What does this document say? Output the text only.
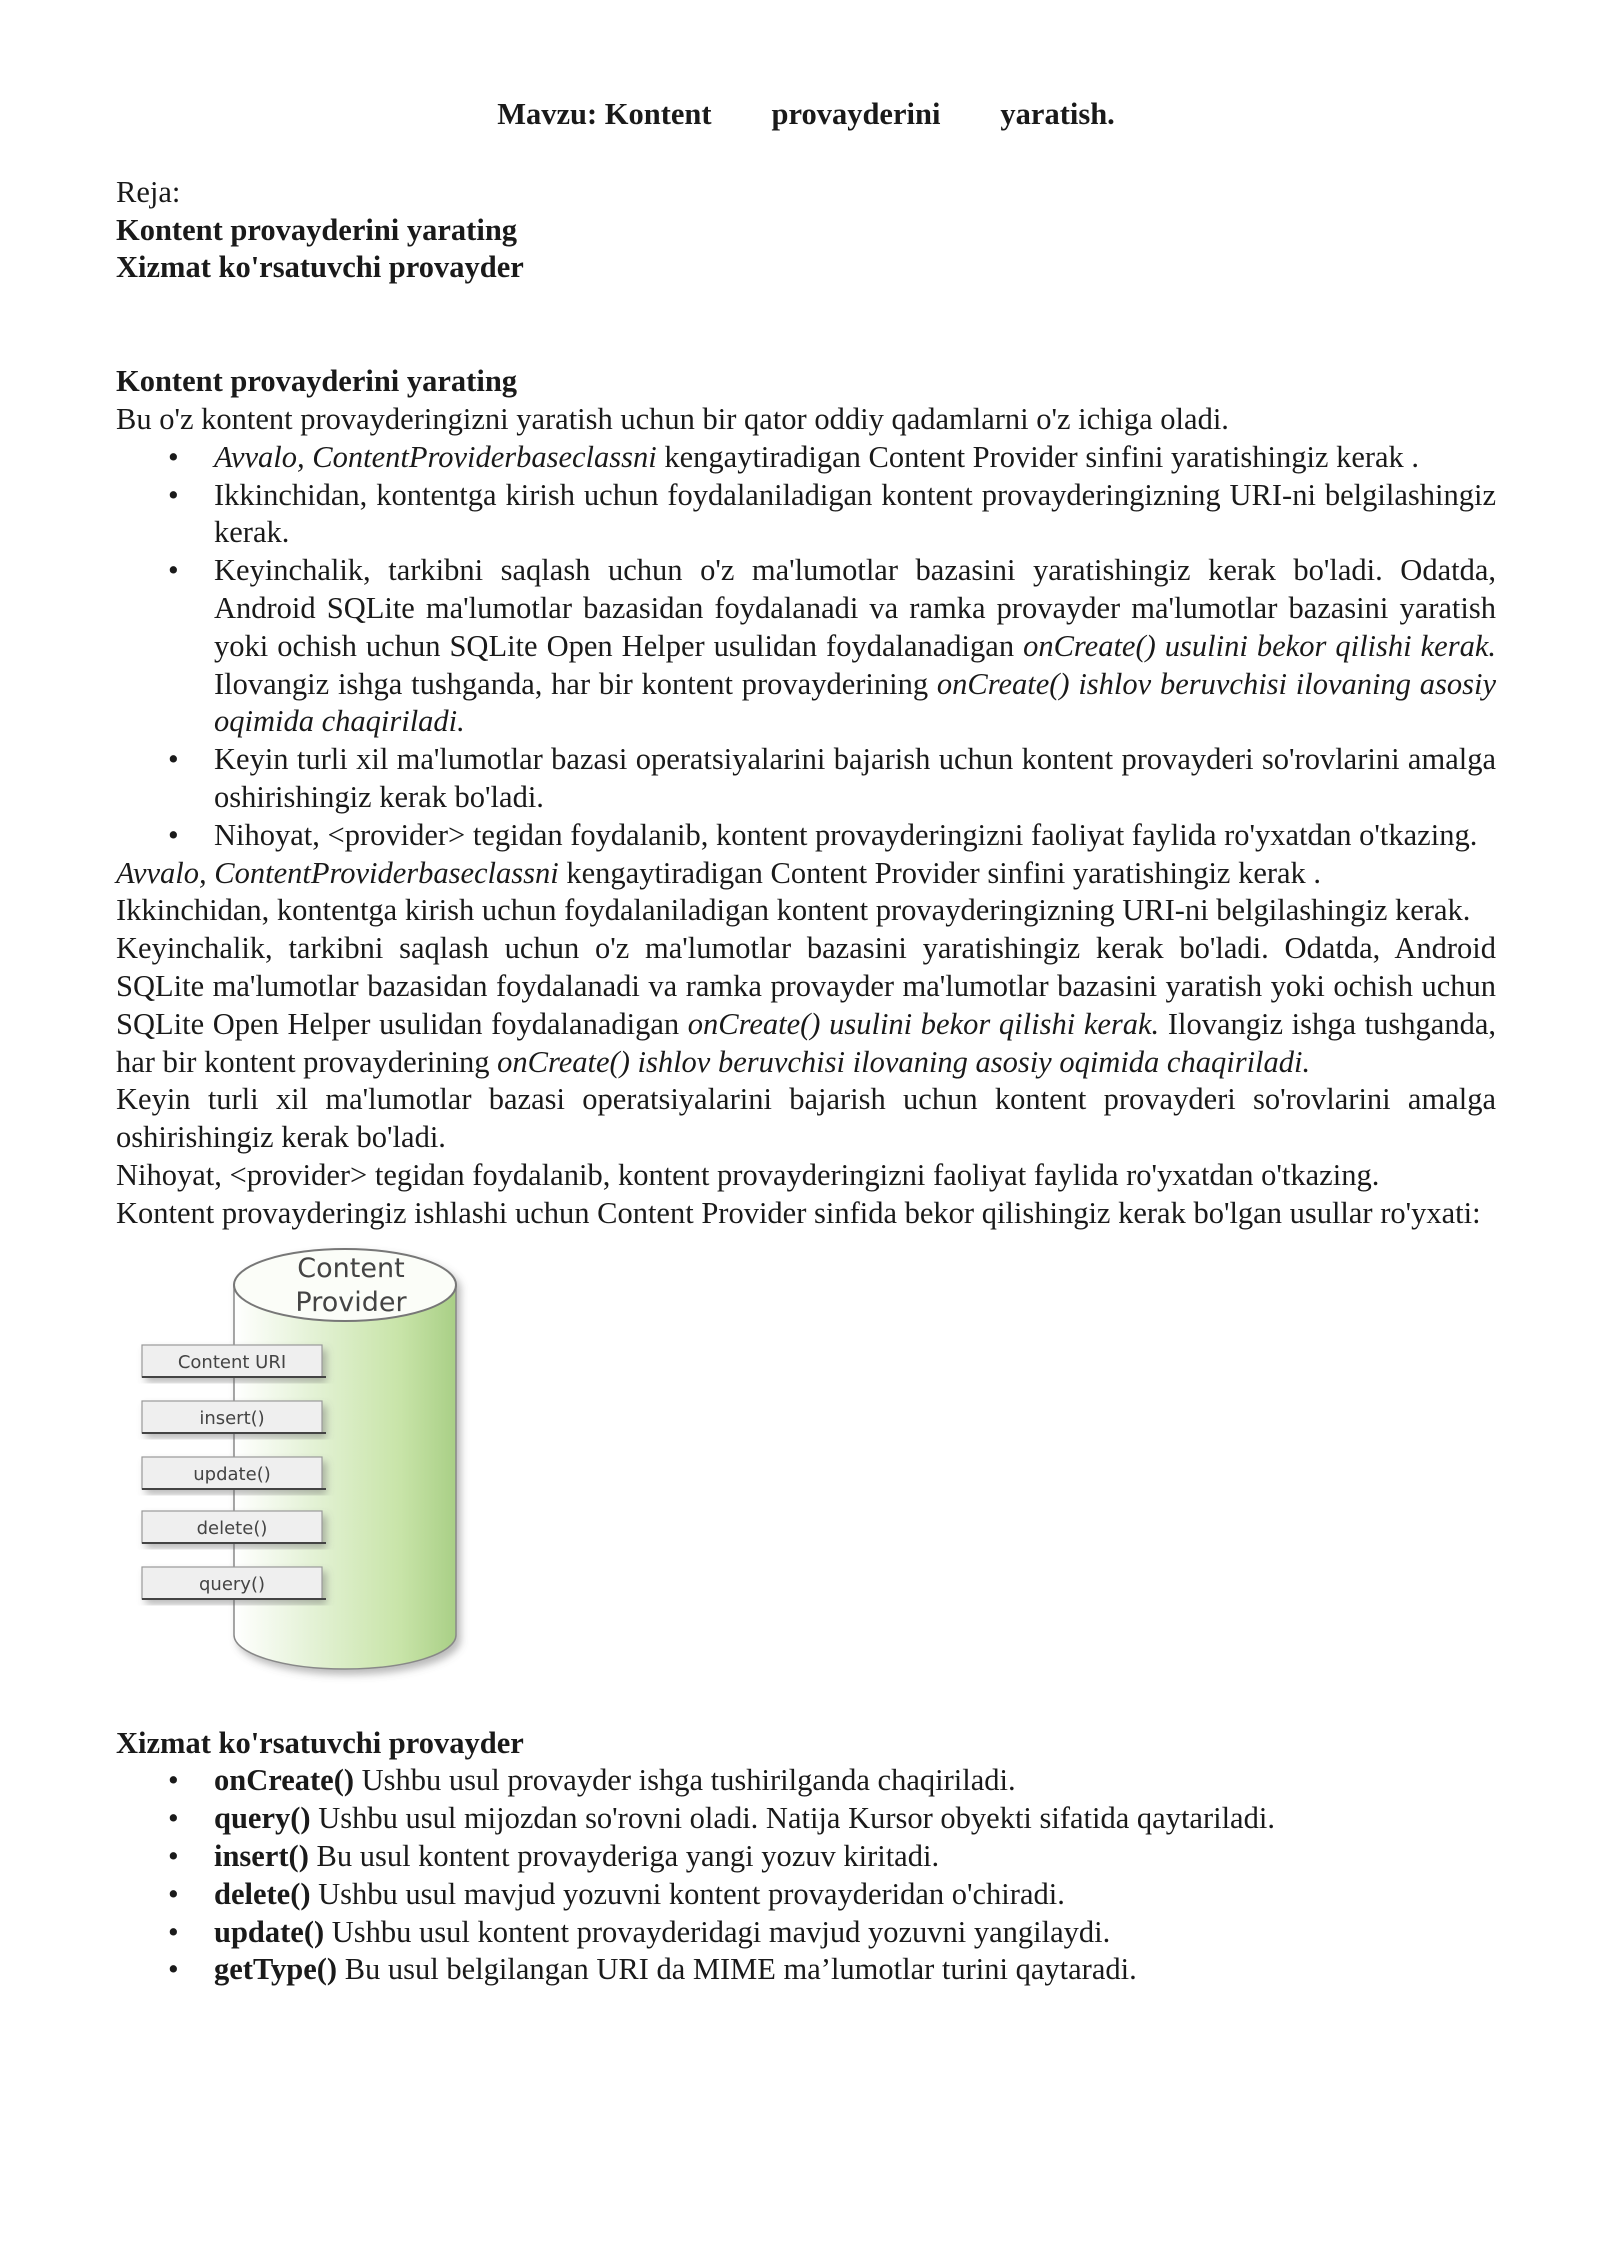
Mavzu: Kontent provayderini yaratish.

Reja:

Kontent provayderini yarating

Xizmat ko'rsatuvchi provayder

Kontent provayderini yarating

Bu o'z kontent provayderingizni yaratish uchun bir qator oddiy qadamlarni o'z ichiga oladi.

• Avvalo, ContentProviderbaseclassni kengaytiradigan Content Provider sinfini yaratishingiz kerak .
• Ikkinchidan, kontentga kirish uchun foydalaniladigan kontent provayderingizning URI-ni belgilashingiz kerak.
• Keyinchalik, tarkibni saqlash uchun o'z ma'lumotlar bazasini yaratishingiz kerak bo'ladi. Odatda, Android SQLite ma'lumotlar bazasidan foydalanadi va ramka provayder ma'lumotlar bazasini yaratish yoki ochish uchun SQLite Open Helper usulidan foydalanadigan onCreate() usulini bekor qilishi kerak. Ilovangiz ishga tushganda, har bir kontent provayderining onCreate() ishlov beruvchisi ilovaning asosiy oqimida chaqiriladi.
• Keyin turli xil ma'lumotlar bazasi operatsiyalarini bajarish uchun kontent provayderi so'rovlarini amalga oshirishingiz kerak bo'ladi.
• Nihoyat, <provider> tegidan foydalanib, kontent provayderingizni faoliyat faylida ro'yxatdan o'tkazing.

Avvalo, ContentProviderbaseclassni kengaytiradigan Content Provider sinfini yaratishingiz kerak .

Ikkinchidan, kontentga kirish uchun foydalaniladigan kontent provayderingizning URI-ni belgilashingiz kerak.

Keyinchalik, tarkibni saqlash uchun o'z ma'lumotlar bazasini yaratishingiz kerak bo'ladi. Odatda, Android SQLite ma'lumotlar bazasidan foydalanadi va ramka provayder ma'lumotlar bazasini yaratish yoki ochish uchun SQLite Open Helper usulidan foydalanadigan onCreate() usulini bekor qilishi kerak. Ilovangiz ishga tushganda, har bir kontent provayderining onCreate() ishlov beruvchisi ilovaning asosiy oqimida chaqiriladi.

Keyin turli xil ma'lumotlar bazasi operatsiyalarini bajarish uchun kontent provayderi so'rovlarini amalga oshirishingiz kerak bo'ladi.

Nihoyat, <provider> tegidan foydalanib, kontent provayderingizni faoliyat faylida ro'yxatdan o'tkazing.

Kontent provayderingiz ishlashi uchun Content Provider sinfida bekor qilishingiz kerak bo'lgan usullar ro'yxati:

Content
Provider
Content URI
insert()
update()
delete()
query()

Xizmat ko'rsatuvchi provayder

• onCreate() Ushbu usul provayder ishga tushirilganda chaqiriladi.
• query() Ushbu usul mijozdan so'rovni oladi. Natija Kursor obyekti sifatida qaytariladi.
• insert() Bu usul kontent provayderiga yangi yozuv kiritadi.
• delete() Ushbu usul mavjud yozuvni kontent provayderidan o'chiradi.
• update() Ushbu usul kontent provayderidagi mavjud yozuvni yangilaydi.
• getType() Bu usul belgilangan URI da MIME ma’lumotlar turini qaytaradi.
